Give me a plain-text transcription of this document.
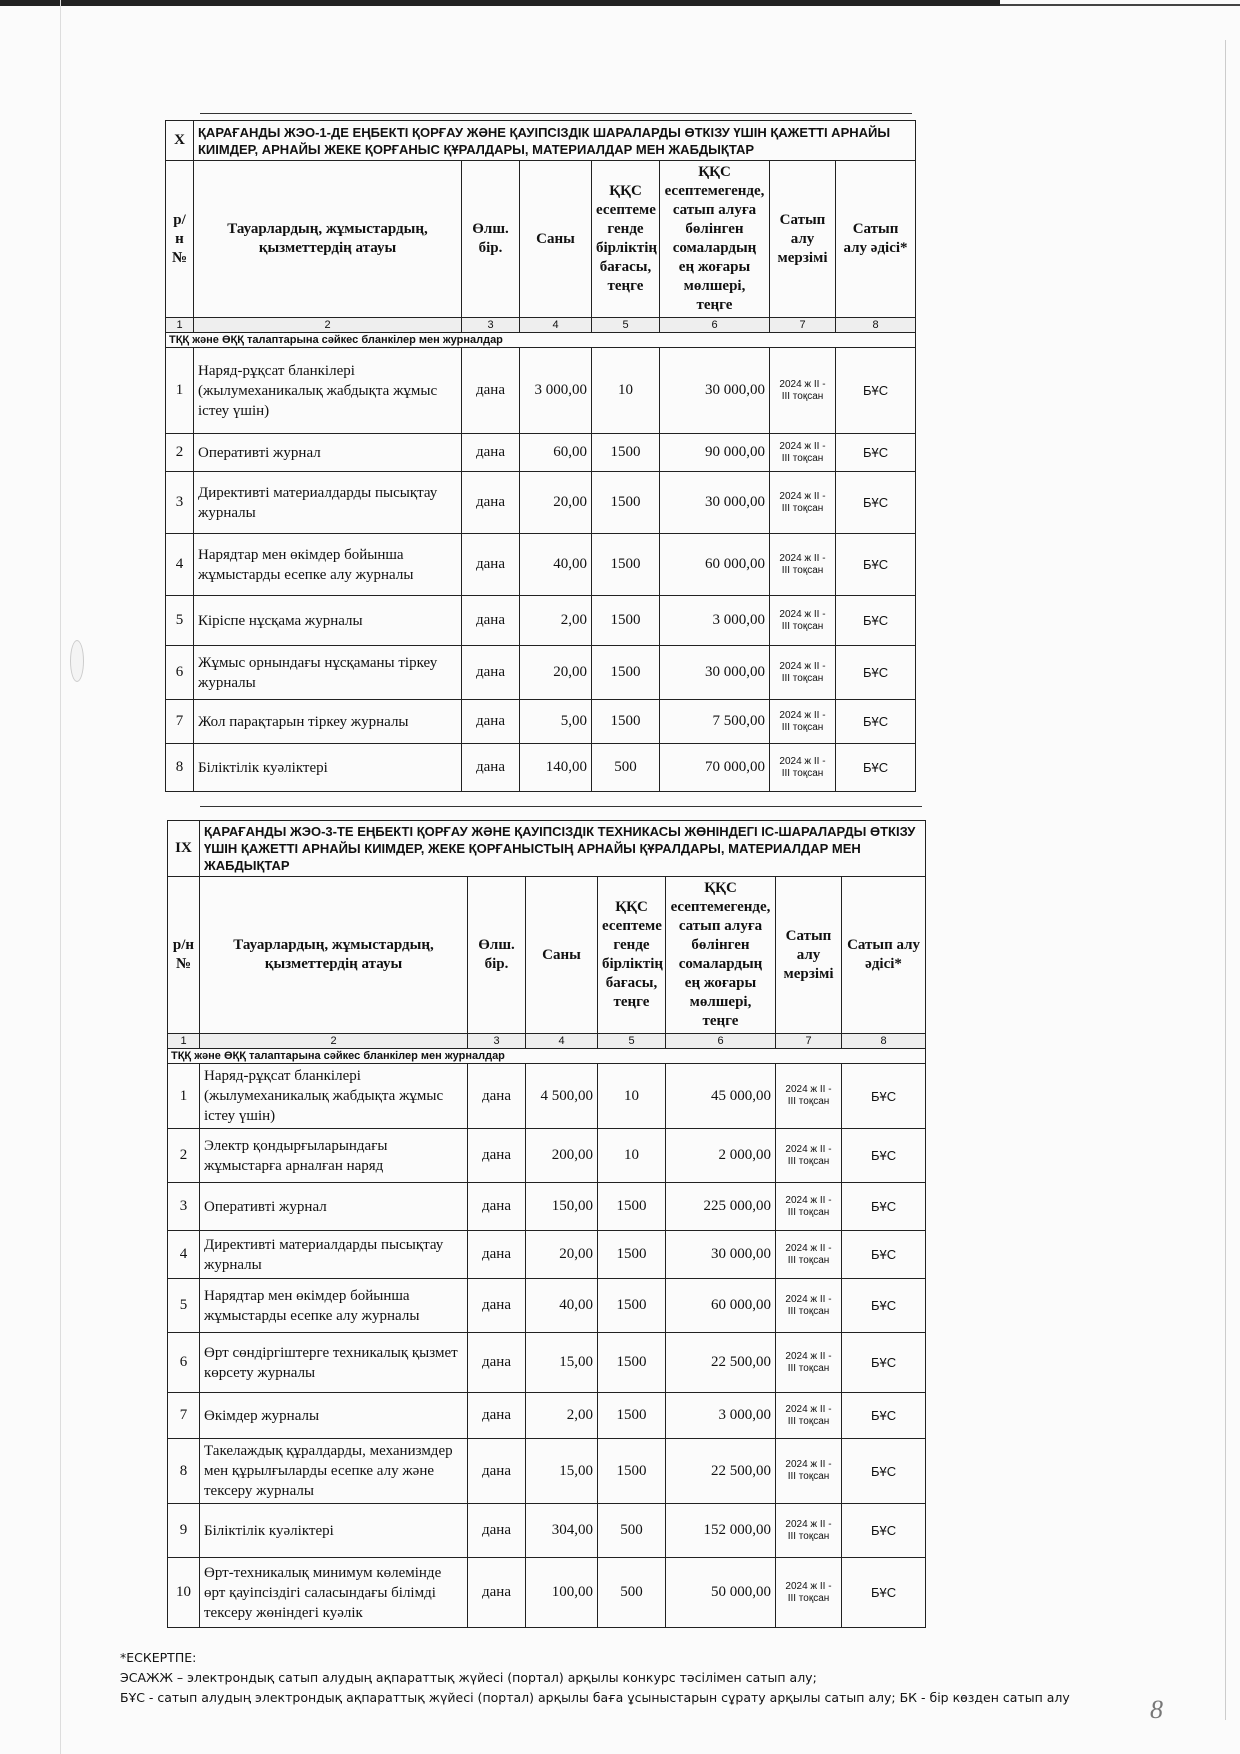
X	ҚАРАҒАНДЫ ЖЭО-1-ДЕ ЕҢБЕКТІ ҚОРҒАУ ЖӘНЕ ҚАУІПСІЗДІК ШАРАЛАРДЫ ӨТКІЗУ ҮШІН ҚАЖЕТТІ АРНАЙЫ КИІМДЕР, АРНАЙЫ ЖЕКЕ ҚОРҒАНЫС ҚҰРАЛДАРЫ, МАТЕРИАЛДАР МЕН ЖАБДЫҚТАР						
р/н №	Тауарлардың, жұмыстардың, қызметтердің атауы	Өлш. бір.	Саны	ҚҚС есептеме генде бірліктің бағасы, теңге	ҚҚС есептемегенде, сатып алуға бөлінген сомалардың ең жоғары мөлшері, теңге	Сатып алу мерзімі	Сатып алу әдісі*
1	2	3	4	5	6	7	8
ТҚҚ және ӨҚҚ талаптарына сәйкес бланкілер мен журналдар							
1	Наряд-рұқсат бланкілері (жылумеханикалық жабдықта жұмыс істеу үшін)	дана	3 000,00	10	30 000,00	2024 ж II - III тоқсан	БҰС
2	Оперативті журнал	дана	60,00	1500	90 000,00	2024 ж II - III тоқсан	БҰС
3	Директивті материалдарды пысықтау журналы	дана	20,00	1500	30 000,00	2024 ж II - III тоқсан	БҰС
4	Нарядтар мен өкімдер бойынша жұмыстарды есепке алу журналы	дана	40,00	1500	60 000,00	2024 ж II - III тоқсан	БҰС
5	Кіріспе нұсқама журналы	дана	2,00	1500	3 000,00	2024 ж II - III тоқсан	БҰС
6	Жұмыс орнындағы нұсқаманы тіркеу журналы	дана	20,00	1500	30 000,00	2024 ж II - III тоқсан	БҰС
7	Жол парақтарын тіркеу журналы	дана	5,00	1500	7 500,00	2024 ж II - III тоқсан	БҰС
8	Біліктілік куәліктері	дана	140,00	500	70 000,00	2024 ж II - III тоқсан	БҰС
IX	ҚАРАҒАНДЫ ЖЭО-3-ТЕ ЕҢБЕКТІ ҚОРҒАУ ЖӘНЕ ҚАУІПСІЗДІК ТЕХНИКАСЫ ЖӨНІНДЕГІ ІС-ШАРАЛАРДЫ ӨТКІЗУ ҮШІН ҚАЖЕТТІ АРНАЙЫ КИІМДЕР, ЖЕКЕ ҚОРҒАНЫСТЫҢ АРНАЙЫ ҚҰРАЛДАРЫ, МАТЕРИАЛДАР МЕН ЖАБДЫҚТАР						
р/н №	Тауарлардың, жұмыстардың, қызметтердің атауы	Өлш. бір.	Саны	ҚҚС есептеме генде бірліктің бағасы, теңге	ҚҚС есептемегенде, сатып алуға бөлінген сомалардың ең жоғары мөлшері, теңге	Сатып алу мерзімі	Сатып алу әдісі*
1	2	3	4	5	6	7	8
ТҚҚ және ӨҚҚ талаптарына сәйкес бланкілер мен журналдар							
1	Наряд-рұқсат бланкілері (жылумеханикалық жабдықта жұмыс істеу үшін)	дана	4 500,00	10	45 000,00	2024 ж II - III тоқсан	БҰС
2	Электр қондырғыларындағы жұмыстарға арналған наряд	дана	200,00	10	2 000,00	2024 ж II - III тоқсан	БҰС
3	Оперативті журнал	дана	150,00	1500	225 000,00	2024 ж II - III тоқсан	БҰС
4	Директивті материалдарды пысықтау журналы	дана	20,00	1500	30 000,00	2024 ж II - III тоқсан	БҰС
5	Нарядтар мен өкімдер бойынша жұмыстарды есепке алу журналы	дана	40,00	1500	60 000,00	2024 ж II - III тоқсан	БҰС
6	Өрт сөндіргіштерге техникалық қызмет көрсету журналы	дана	15,00	1500	22 500,00	2024 ж II - III тоқсан	БҰС
7	Өкімдер журналы	дана	2,00	1500	3 000,00	2024 ж II - III тоқсан	БҰС
8	Такелаждық құралдарды, механизмдер мен құрылғыларды есепке алу және тексеру журналы	дана	15,00	1500	22 500,00	2024 ж II - III тоқсан	БҰС
9	Біліктілік куәліктері	дана	304,00	500	152 000,00	2024 ж II - III тоқсан	БҰС
10	Өрт-техникалық минимум көлемінде өрт қауіпсіздігі саласындағы білімді тексеру жөніндегі куәлік	дана	100,00	500	50 000,00	2024 ж II - III тоқсан	БҰС
*ЕСКЕРТПЕ:
ЭСАЖЖ – электрондық сатып алудың ақпараттық жүйесі (портал) арқылы конкурс тәсілімен сатып алу;
БҰС - сатып алудың электрондық ақпараттық жүйесі (портал) арқылы баға ұсыныстарын сұрату арқылы сатып алу; БК - бір көзден сатып алу	8
